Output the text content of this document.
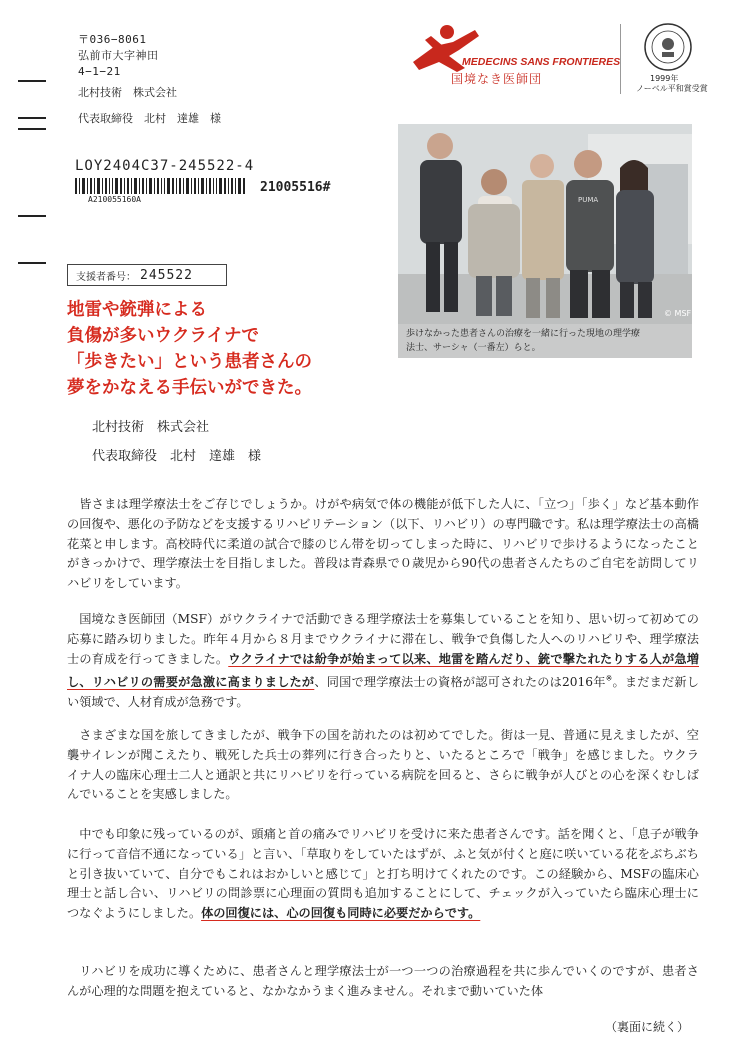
〒036−8061
弘前市大字神田
4−1−21
北村技術　株式会社
代表取締役　北村　達雄　様
LOY2404C37-245522-4
21005516#
A210055160A
支援者番号： 245522
地雷や銃弾による
負傷が多いウクライナで
「歩きたい」という患者さんの
夢をかなえる手伝いができた。
MEDECINS SANS FRONTIERES
国境なき医師団	1999年
ノーベル平和賞受賞
PUMA
© MSF
歩けなかった患者さんの治療を一緒に行った現地の理学療
法士、サーシャ（一番左）らと。
北村技術　株式会社
代表取締役　北村　達雄　様

皆さまは理学療法士をご存じでしょうか。けがや病気で体の機能が低下した人に、「立つ」「歩く」など基本動作の回復や、悪化の予防などを支援するリハビリテーション（以下、リハビリ）の専門職です。私は理学療法士の高橋花菜と申します。高校時代に柔道の試合で膝のじん帯を切ってしまった時に、リハビリで歩けるようになったことがきっかけで、理学療法士を目指しました。普段は青森県で０歳児から90代の患者さんたちのご自宅を訪問してリハビリをしています。

国境なき医師団（MSF）がウクライナで活動できる理学療法士を募集していることを知り、思い切って初めての応募に踏み切りました。昨年４月から８月までウクライナに滞在し、戦争で負傷した人へのリハビリや、理学療法士の育成を行ってきました。ウクライナでは紛争が始まって以来、地雷を踏んだり、銃で撃たれたりする人が急増し、リハビリの需要が急激に高まりましたが、同国で理学療法士の資格が認可されたのは2016年※。まだまだ新しい領域で、人材育成が急務です。

さまざまな国を旅してきましたが、戦争下の国を訪れたのは初めてでした。街は一見、普通に見えましたが、空襲サイレンが聞こえたり、戦死した兵士の葬列に行き合ったりと、いたるところで「戦争」を感じました。ウクライナ人の臨床心理士二人と通訳と共にリハビリを行っている病院を回ると、さらに戦争が人びとの心を深くむしばんでいることを実感しました。

中でも印象に残っているのが、頭痛と首の痛みでリハビリを受けに来た患者さんです。話を聞くと、「息子が戦争に行って音信不通になっている」と言い、「草取りをしていたはずが、ふと気が付くと庭に咲いている花をぶちぶちと引き抜いていて、自分でもこれはおかしいと感じて」と打ち明けてくれたのです。この経験から、MSFの臨床心理士と話し合い、リハビリの問診票に心理面の質問も追加することにして、チェックが入っていたら臨床心理士につなぐようにしました。体の回復には、心の回復も同時に必要だからです。

リハビリを成功に導くために、患者さんと理学療法士が一つ一つの治療過程を共に歩んでいくのですが、患者さんが心理的な問題を抱えていると、なかなかうまく進みません。それまで動いていた体

（裏面に続く）
